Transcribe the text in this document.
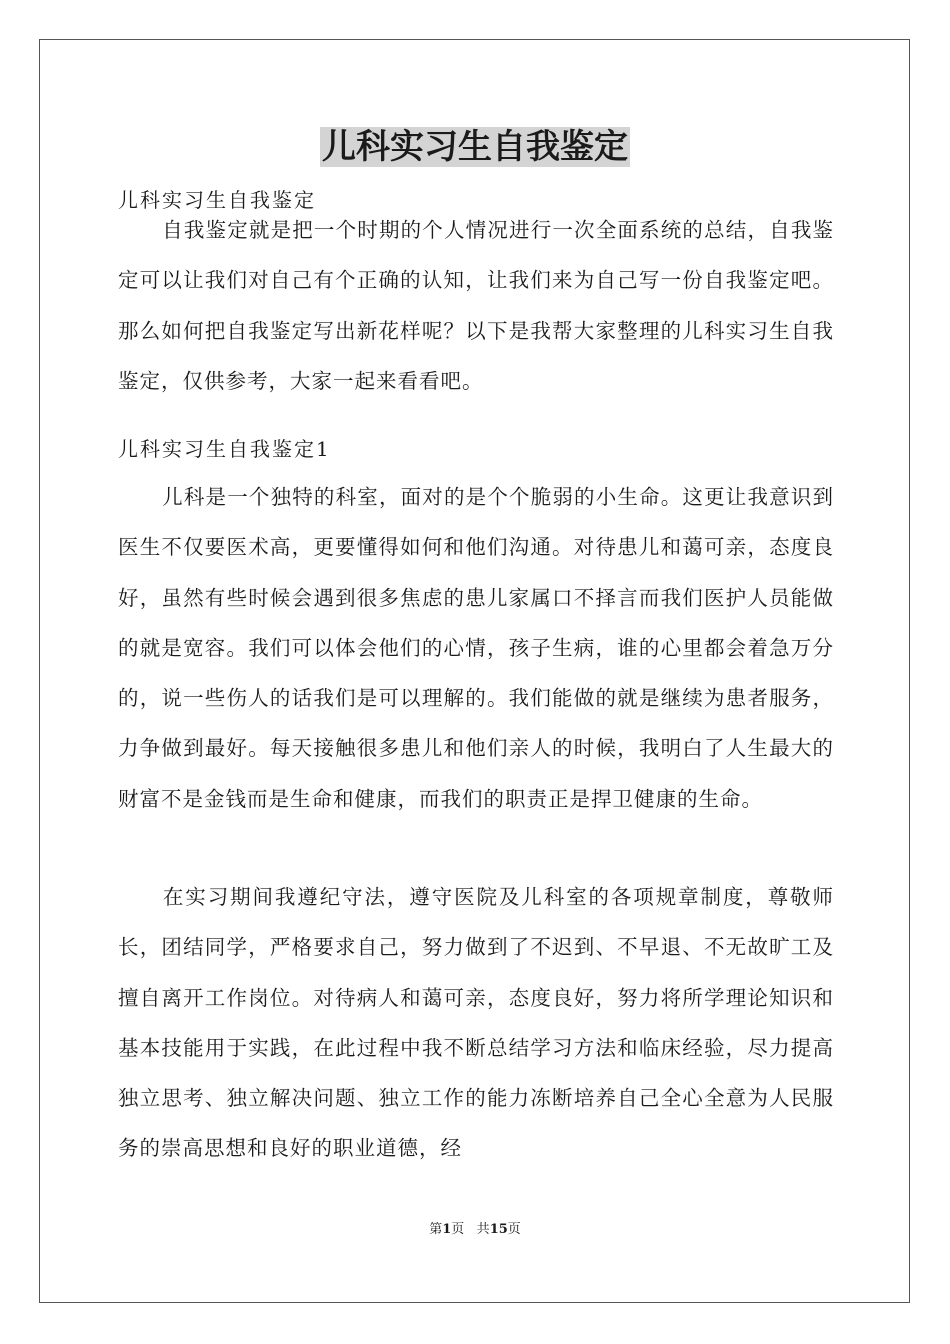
儿科实习生自我鉴定
儿科实习生自我鉴定
自我鉴定就是把一个时期的个人情况进行一次全面系统的总结，自我鉴定可以让我们对自己有个正确的认知，让我们来为自己写一份自我鉴定吧。那么如何把自我鉴定写出新花样呢？以下是我帮大家整理的儿科实习生自我鉴定，仅供参考，大家一起来看看吧。
儿科实习生自我鉴定1
儿科是一个独特的科室，面对的是个个脆弱的小生命。这更让我意识到医生不仅要医术高，更要懂得如何和他们沟通。对待患儿和蔼可亲，态度良好，虽然有些时候会遇到很多焦虑的患儿家属口不择言而我们医护人员能做的就是宽容。我们可以体会他们的心情，孩子生病，谁的心里都会着急万分的，说一些伤人的话我们是可以理解的。我们能做的就是继续为患者服务，力争做到最好。每天接触很多患儿和他们亲人的时候，我明白了人生最大的财富不是金钱而是生命和健康，而我们的职责正是捍卫健康的生命。
在实习期间我遵纪守法，遵守医院及儿科室的各项规章制度，尊敬师长，团结同学，严格要求自己，努力做到了不迟到、不早退、不无故旷工及擅自离开工作岗位。对待病人和蔼可亲，态度良好，努力将所学理论知识和基本技能用于实践，在此过程中我不断总结学习方法和临床经验，尽力提高独立思考、独立解决问题、独立工作的能力冻断培养自己全心全意为人民服务的崇高思想和良好的职业道德，经
第1页 共15页
